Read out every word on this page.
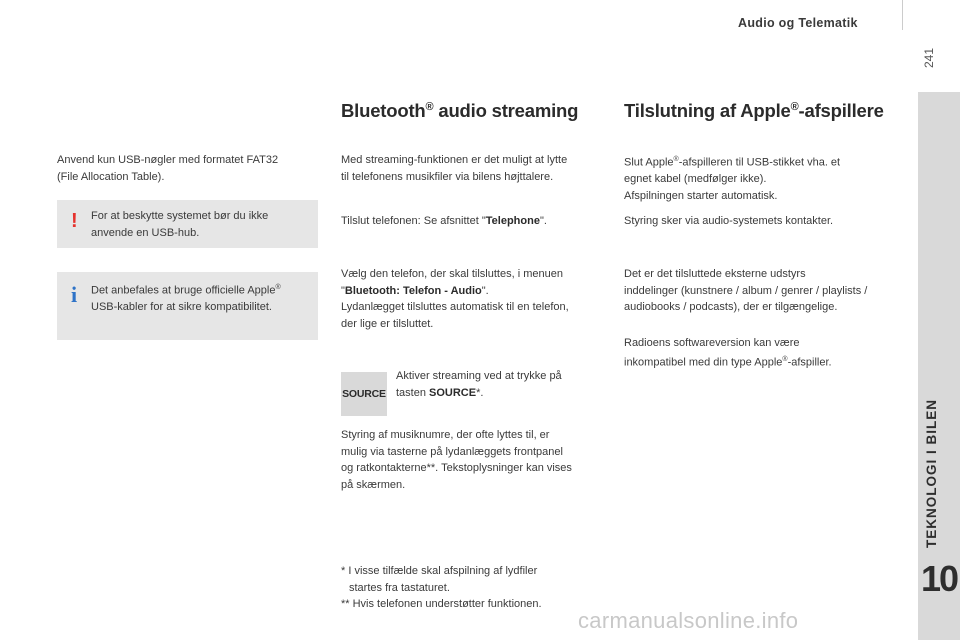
Audio og Telematik
241
TEKNOLOGI I BILEN
10
Anvend kun USB-nøgler med formatet FAT32
(File Allocation Table).
! For at beskytte systemet bør du ikke
anvende en USB-hub.
i Det anbefales at bruge officielle Apple®
USB-kabler for at sikre kompatibilitet.
Bluetooth® audio streaming
Med streaming-funktionen er det muligt at lytte
til telefonens musikfiler via bilens højttalere.
Tilslut telefonen: Se afsnittet "Telephone".
Vælg den telefon, der skal tilsluttes, i menuen
"Bluetooth: Telefon - Audio".
Lydanlægget tilsluttes automatisk til en telefon,
der lige er tilsluttet.
SOURCE
Aktiver streaming ved at trykke på
tasten SOURCE*.
Styring af musiknumre, der ofte lyttes til, er
mulig via tasterne på lydanlæggets frontpanel
og ratkontakterne**. Tekstoplysninger kan vises
på skærmen.
* I visse tilfælde skal afspilning af lydfiler
startes fra tastaturet.
** Hvis telefonen understøtter funktionen.
Tilslutning af Apple®-afspillere
Slut Apple®-afspilleren til USB-stikket vha. et
egnet kabel (medfølger ikke).
Afspilningen starter automatisk.
Styring sker via audio-systemets kontakter.
Det er det tilsluttede eksterne udstyrs
inddelinger (kunstnere / album / genrer / playlists /
audiobooks / podcasts), der er tilgængelige.
Radioens softwareversion kan være
inkompatibel med din type Apple®-afspiller.
carmanualsonline.info
